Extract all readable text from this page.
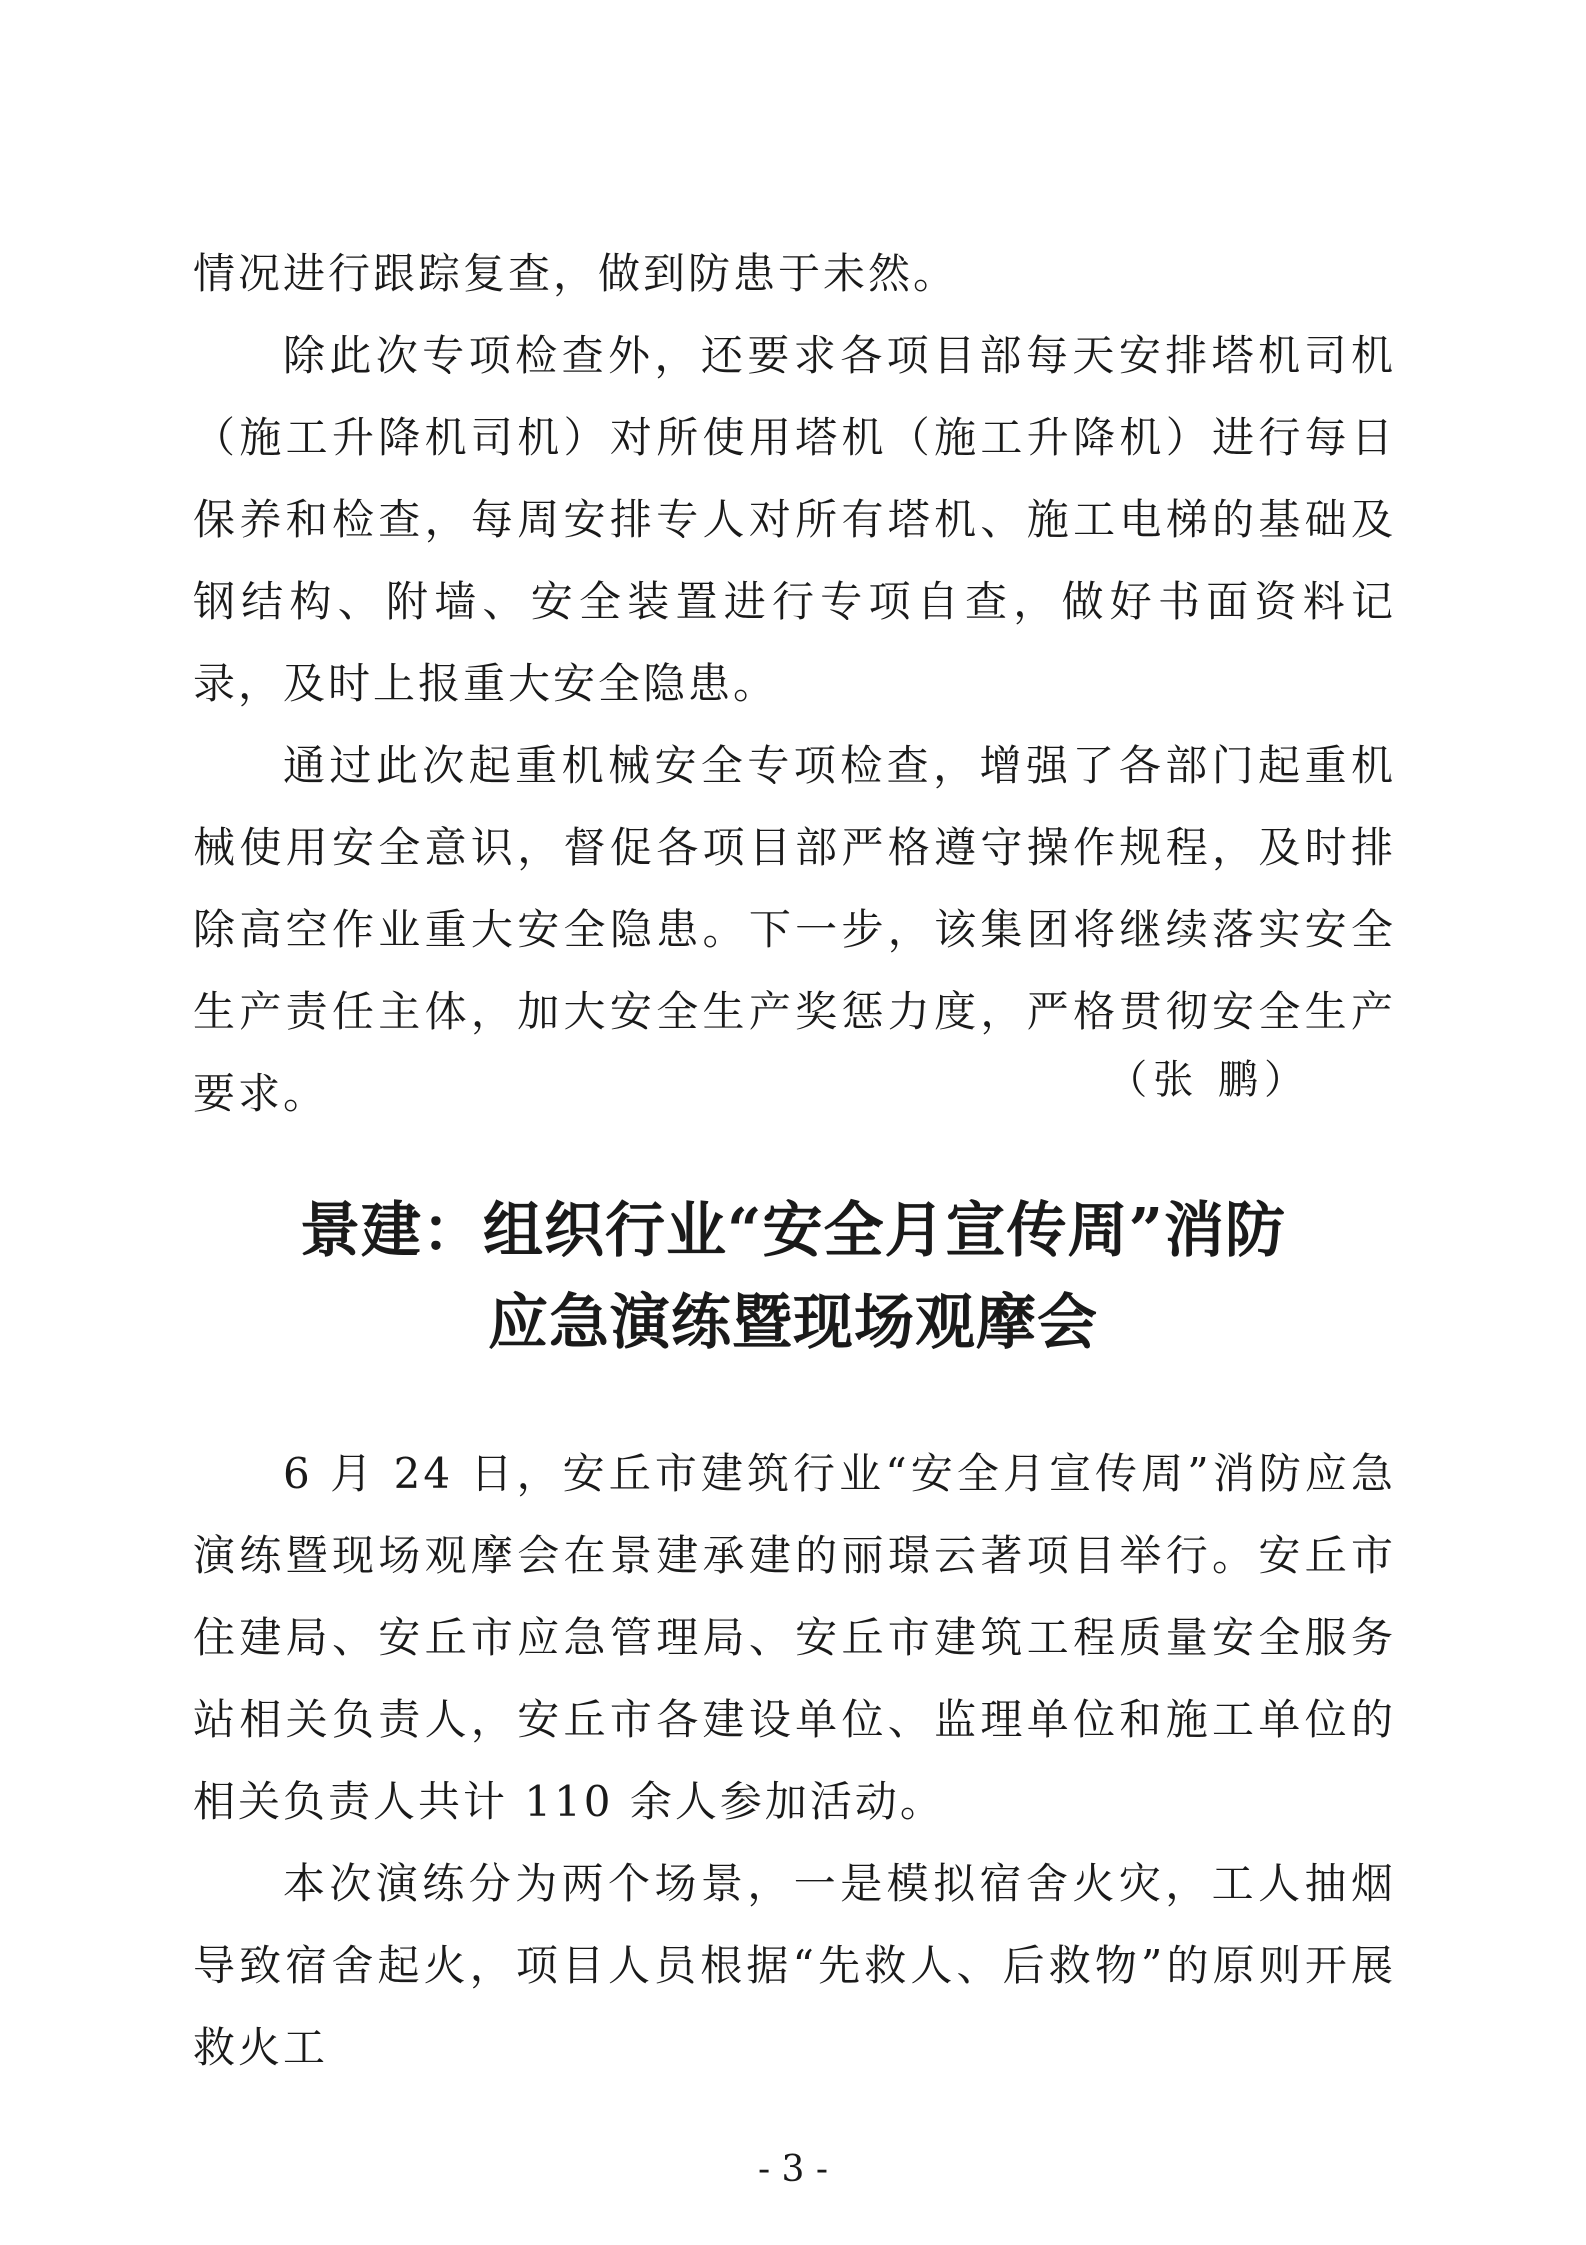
情况进行跟踪复查，做到防患于未然。

除此次专项检查外，还要求各项目部每天安排塔机司机（施工升降机司机）对所使用塔机（施工升降机）进行每日保养和检查，每周安排专人对所有塔机、施工电梯的基础及钢结构、附墙、安全装置进行专项自查，做好书面资料记录，及时上报重大安全隐患。

通过此次起重机械安全专项检查，增强了各部门起重机械使用安全意识，督促各项目部严格遵守操作规程，及时排除高空作业重大安全隐患。下一步，该集团将继续落实安全生产责任主体，加大安全生产奖惩力度，严格贯彻安全生产要求。	（张 鹏）
景建：组织行业“安全月宣传周”消防
应急演练暨现场观摩会

6 月 24 日，安丘市建筑行业“安全月宣传周”消防应急演练暨现场观摩会在景建承建的丽璟云著项目举行。安丘市住建局、安丘市应急管理局、安丘市建筑工程质量安全服务站相关负责人，安丘市各建设单位、监理单位和施工单位的相关负责人共计 110 余人参加活动。

本次演练分为两个场景，一是模拟宿舍火灾，工人抽烟导致宿舍起火，项目人员根据“先救人、后救物”的原则开展救火工

- 3 -
